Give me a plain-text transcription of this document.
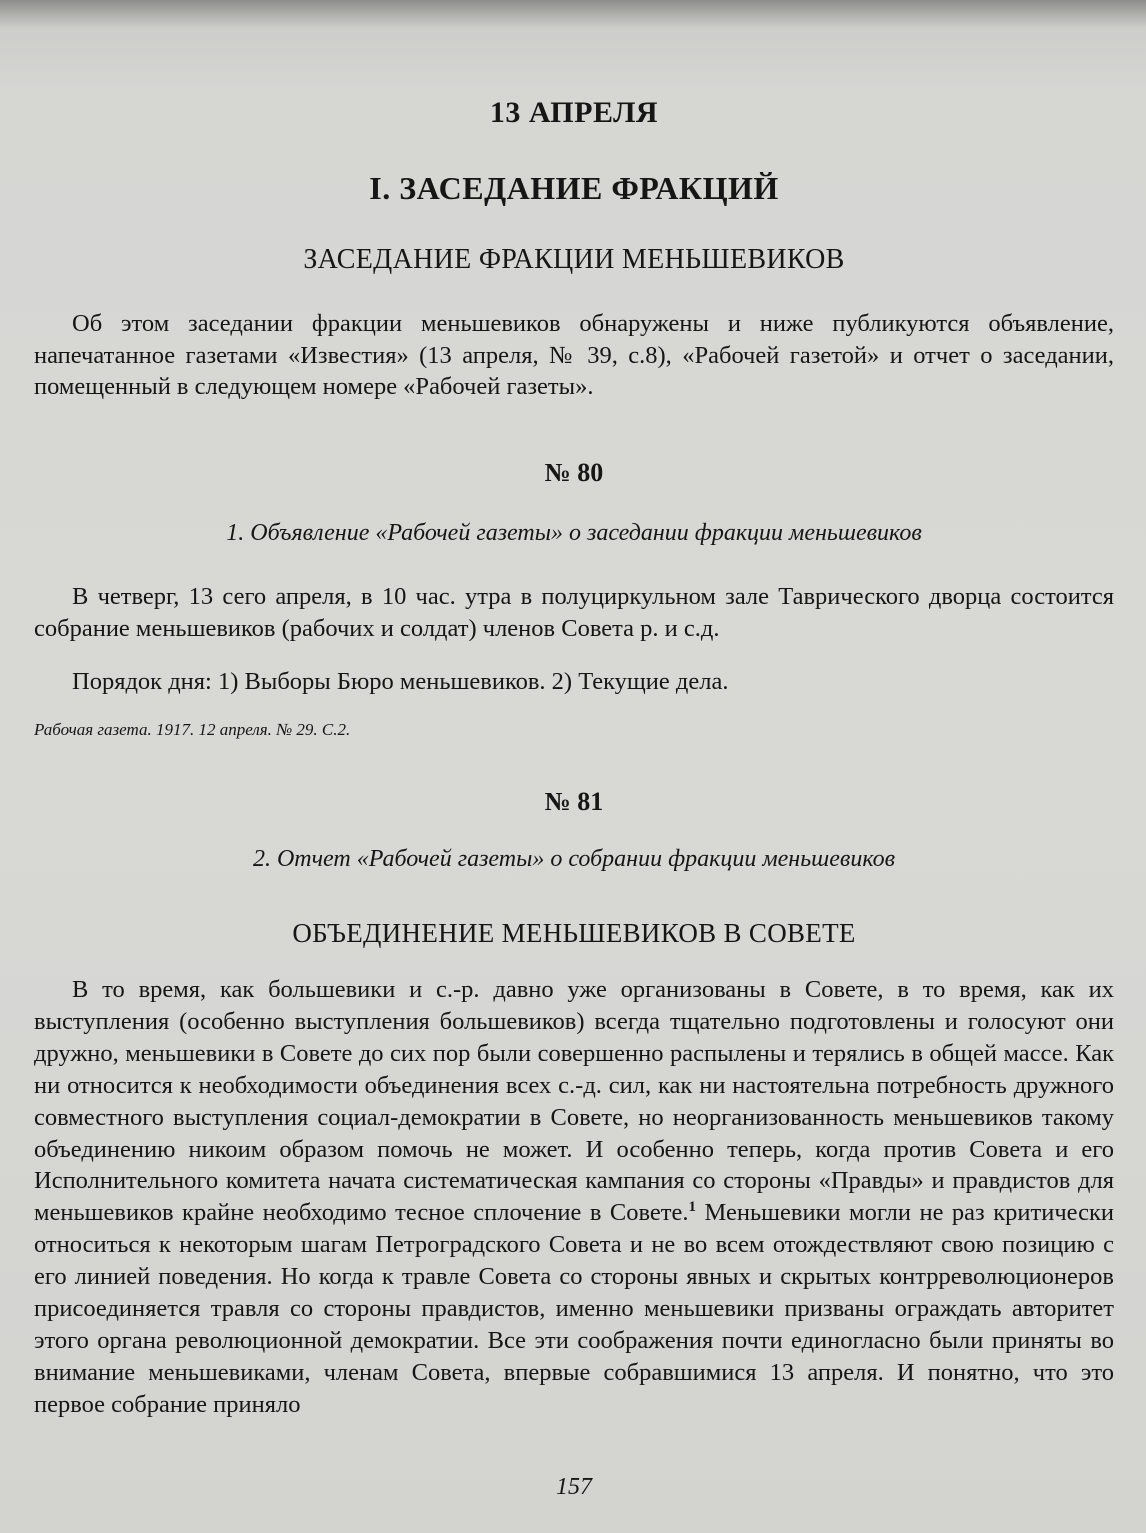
13 АПРЕЛЯ
I. ЗАСЕДАНИЕ ФРАКЦИЙ
ЗАСЕДАНИЕ ФРАКЦИИ МЕНЬШЕВИКОВ

Об этом заседании фракции меньшевиков обнаружены и ниже публикуются объявление, напечатанное газетами «Известия» (13 апреля, № 39, с.8), «Рабочей газетой» и отчет о заседании, помещенный в следующем номере «Рабочей газеты».

№ 80
1. Объявление «Рабочей газеты» о заседании фракции меньшевиков

В четверг, 13 сего апреля, в 10 час. утра в полуциркульном зале Таврического дворца состоится собрание меньшевиков (рабочих и солдат) членов Совета р. и с.д.

Порядок дня: 1) Выборы Бюро меньшевиков. 2) Текущие дела.

Рабочая газета. 1917. 12 апреля. № 29. С.2.
№ 81
2. Отчет «Рабочей газеты» о собрании фракции меньшевиков
ОБЪЕДИНЕНИЕ МЕНЬШЕВИКОВ В СОВЕТЕ

В то время, как большевики и с.-р. давно уже организованы в Совете, в то время, как их выступления (особенно выступления большевиков) всегда тщательно подготовлены и голосуют они дружно, меньшевики в Совете до сих пор были совершенно распылены и терялись в общей массе. Как ни относится к необходимости объединения всех с.-д. сил, как ни настоятельна потребность дружного совместного выступления социал-демократии в Совете, но неорганизованность меньшевиков такому объединению никоим образом помочь не может. И особенно теперь, когда против Совета и его Исполнительного комитета начата систематическая кампания со стороны «Правды» и правдистов для меньшевиков крайне необходимо тесное сплочение в Совете.$^1$ Меньшевики могли не раз критически относиться к некоторым шагам Петроградского Совета и не во всем отождествляют свою позицию с его линией поведения. Но когда к травле Совета со стороны явных и скрытых контрреволюционеров присоединяется травля со стороны правдистов, именно меньшевики призваны ограждать авторитет этого органа революционной демократии. Все эти соображения почти единогласно были приняты во внимание меньшевиками, членам Совета, впервые собравшимися 13 апреля. И понятно, что это первое собрание приняло

157
